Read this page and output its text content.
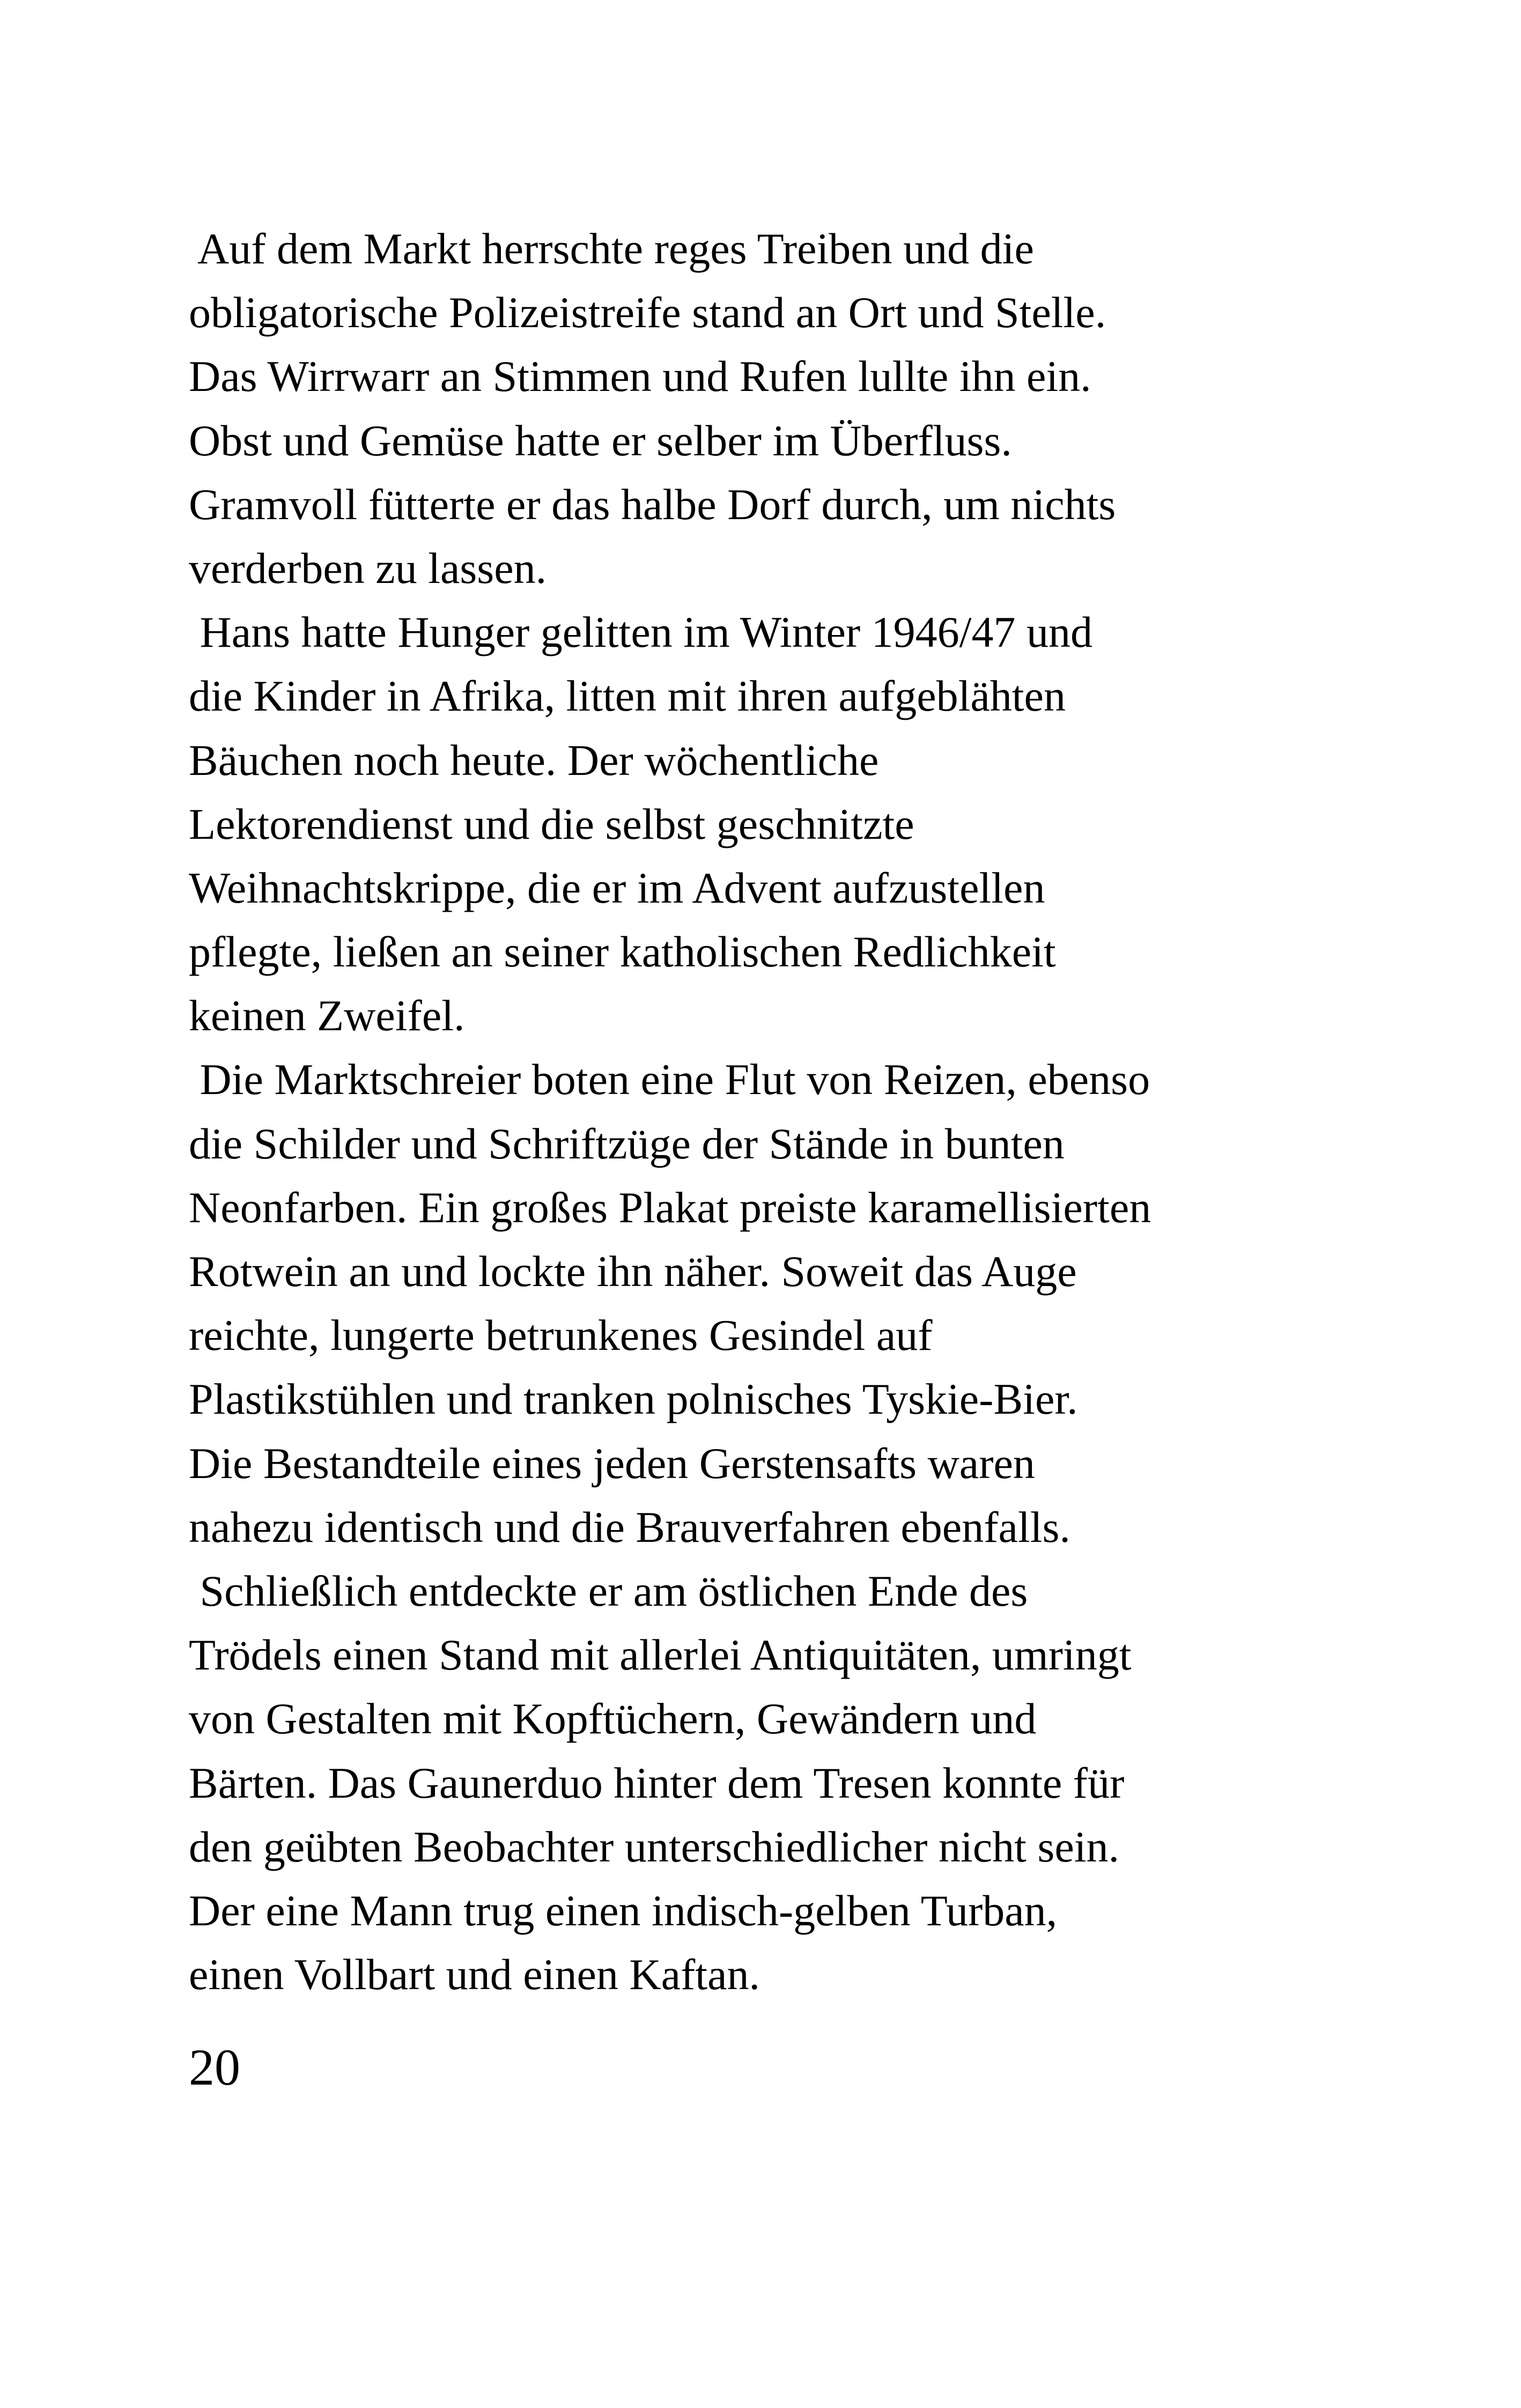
Auf dem Markt herrschte reges Treiben und die
obligatorische Polizeistreife stand an Ort und Stelle.
Das Wirrwarr an Stimmen und Rufen lullte ihn ein.
Obst und Gemüse hatte er selber im Überfluss.
Gramvoll fütterte er das halbe Dorf durch, um nichts
verderben zu lassen.
Hans hatte Hunger gelitten im Winter 1946/47 und
die Kinder in Afrika, litten mit ihren aufgeblähten
Bäuchen noch heute. Der wöchentliche
Lektorendienst und die selbst geschnitzte
Weihnachtskrippe, die er im Advent aufzustellen
pflegte, ließen an seiner katholischen Redlichkeit
keinen Zweifel.
Die Marktschreier boten eine Flut von Reizen, ebenso
die Schilder und Schriftzüge der Stände in bunten
Neonfarben. Ein großes Plakat preiste karamellisierten
Rotwein an und lockte ihn näher. Soweit das Auge
reichte, lungerte betrunkenes Gesindel auf
Plastikstühlen und tranken polnisches Tyskie-Bier.
Die Bestandteile eines jeden Gerstensafts waren
nahezu identisch und die Brauverfahren ebenfalls.
Schließlich entdeckte er am östlichen Ende des
Trödels einen Stand mit allerlei Antiquitäten, umringt
von Gestalten mit Kopftüchern, Gewändern und
Bärten. Das Gaunerduo hinter dem Tresen konnte für
den geübten Beobachter unterschiedlicher nicht sein.
Der eine Mann trug einen indisch-gelben Turban,
einen Vollbart und einen Kaftan.
20
